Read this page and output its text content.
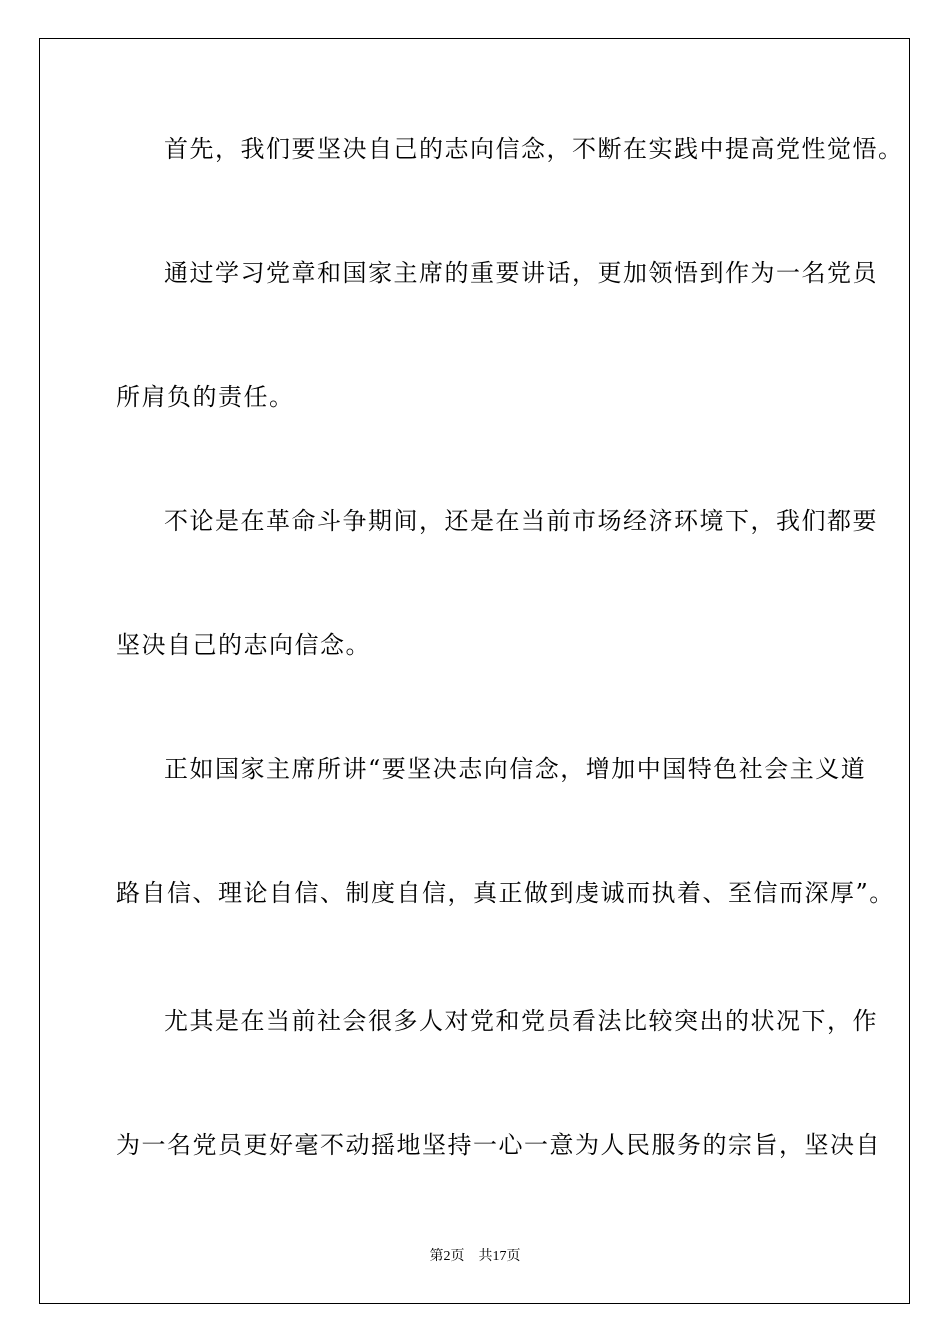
首先，我们要坚决自己的志向信念，不断在实践中提高党性觉悟。
通过学习党章和国家主席的重要讲话，更加领悟到作为一名党员
所肩负的责任。
不论是在革命斗争期间，还是在当前市场经济环境下，我们都要
坚决自己的志向信念。
正如国家主席所讲“要坚决志向信念，增加中国特色社会主义道
路自信、理论自信、制度自信，真正做到虔诚而执着、至信而深厚”。
尤其是在当前社会很多人对党和党员看法比较突出的状况下，作
为一名党员更好毫不动摇地坚持一心一意为人民服务的宗旨，坚决自
第2页 共17页
